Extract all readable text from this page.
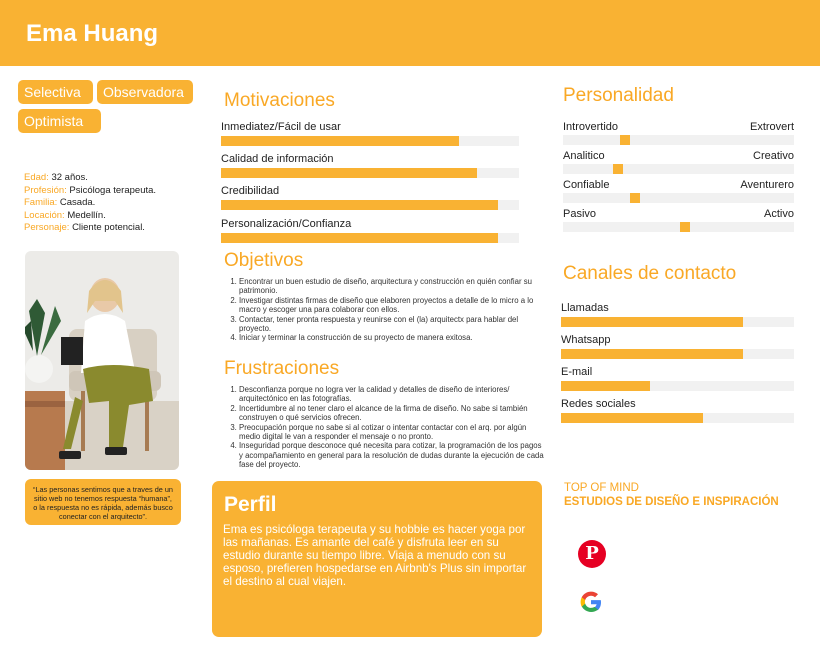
Ema Huang
Selectiva	Observadora
Optimista
Edad: 32 años.
Profesión: Psicóloga terapeuta.
Familia: Casada.
Locación: Medellín.
Personaje: Cliente potencial.
“Las personas sentimos que a traves de un sitio web no tenemos respuesta “humana”, o la respuesta no es rápida, además busco conectar con el arquitecto”.
Motivaciones
Inmediatez/Fácil de usar
Calidad de información
Credibilidad
Personalización/Confianza
Objetivos
1. Encontrar un buen estudio de diseño, arquitectura y construcción en quién confiar su patrimonio.
2. Investigar distintas firmas de diseño que elaboren proyectos a detalle de lo micro a lo macro y escoger una para colaborar con ellos.
3. Contactar, tener pronta respuesta y reunirse con el (la) arquitectx para hablar del proyecto.
4. Iniciar y terminar la construcción de su proyecto de manera exitosa.
Frustraciones
1. Desconfianza porque no logra ver la calidad y detalles de diseño de interiores/ arquitectónico en las fotografías.
2. Incertidumbre al no tener claro el alcance de la firma de diseño. No sabe si también construyen o qué servicios ofrecen.
3. Preocupación porque no sabe si al cotizar o intentar contactar con el arq. por algún medio digital le van a responder el mensaje o no pronto.
4. Inseguridad porque desconoce qué necesita para cotizar, la programación de los pagos y acompañamiento en general para la resolución de dudas durante la ejecución de cada fase del proyecto.
Perfil

Ema es psicóloga terapeuta y su hobbie es hacer yoga por las mañanas. Es amante del café y disfruta leer en su estudio durante su tiempo libre. Viaja a menudo con su esposo, prefieren hospedarse en Airbnb's Plus sin importar el destino al cual viajen.

Personalidad
Introvertido	Extrovert
Analitico	Creativo
Confiable	Aventurero
Pasivo	Activo
Canales de contacto
Llamadas
Whatsapp
E-mail
Redes sociales
TOP OF MIND
ESTUDIOS DE DISEÑO E INSPIRACIÓN
P
